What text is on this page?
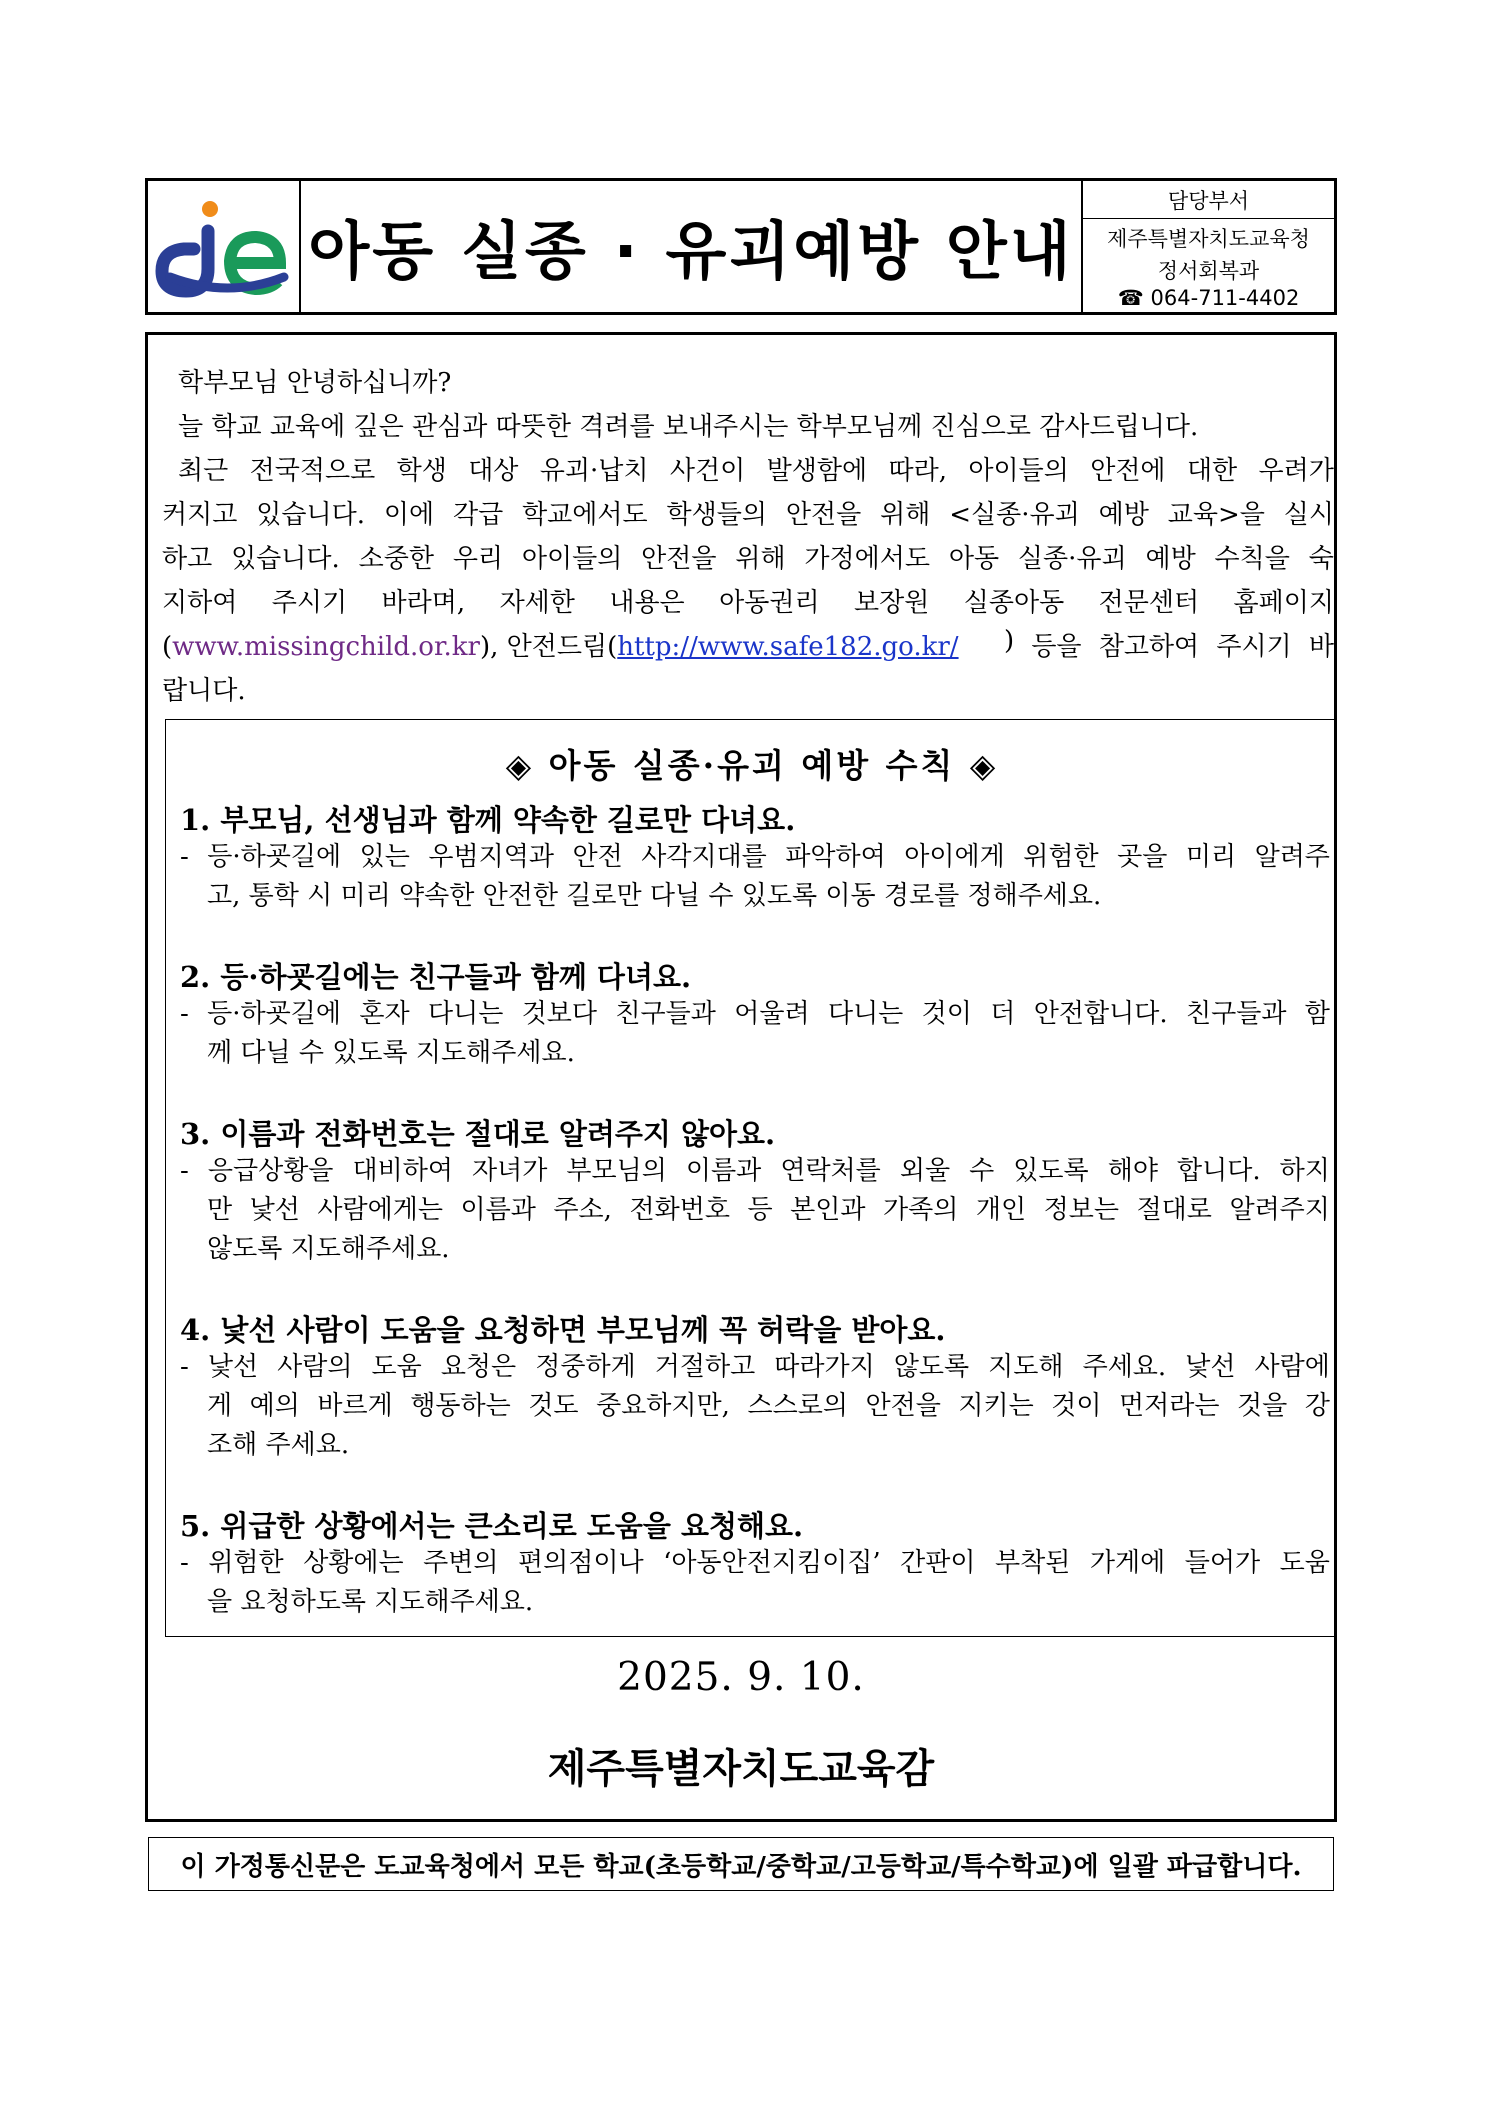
아동 실종 · 유괴예방 안내
담당부서
제주특별자치도교육청
정서회복과
☎ 064-711-4402
학부모님 안녕하십니까?
늘 학교 교육에 깊은 관심과 따뜻한 격려를 보내주시는 학부모님께 진심으로 감사드립니다.
최근 전국적으로 학생 대상 유괴·납치 사건이 발생함에 따라, 아이들의 안전에 대한 우려가
커지고 있습니다. 이에 각급 학교에서도 학생들의 안전을 위해 <실종·유괴 예방 교육>을 실시
하고 있습니다. 소중한 우리 아이들의 안전을 위해 가정에서도 아동 실종·유괴 예방 수칙을 숙
지하여 주시기 바라며, 자세한 내용은 아동권리 보장원 실종아동 전문센터 홈페이지
(www.missingchild.or.kr), 안전드림(http://www.safe182.go.kr/ ) 등을 참고하여 주시기 바
랍니다.
◈ 아동 실종·유괴 예방 수칙 ◈
1. 부모님, 선생님과 함께 약속한 길로만 다녀요.
- 등·하굣길에 있는 우범지역과 안전 사각지대를 파악하여 아이에게 위험한 곳을 미리 알려주
고, 통학 시 미리 약속한 안전한 길로만 다닐 수 있도록 이동 경로를 정해주세요.
2. 등·하굣길에는 친구들과 함께 다녀요.
- 등·하굣길에 혼자 다니는 것보다 친구들과 어울려 다니는 것이 더 안전합니다. 친구들과 함
께 다닐 수 있도록 지도해주세요.
3. 이름과 전화번호는 절대로 알려주지 않아요.
- 응급상황을 대비하여 자녀가 부모님의 이름과 연락처를 외울 수 있도록 해야 합니다. 하지
만 낯선 사람에게는 이름과 주소, 전화번호 등 본인과 가족의 개인 정보는 절대로 알려주지
않도록 지도해주세요.
4. 낯선 사람이 도움을 요청하면 부모님께 꼭 허락을 받아요.
- 낯선 사람의 도움 요청은 정중하게 거절하고 따라가지 않도록 지도해 주세요. 낯선 사람에
게 예의 바르게 행동하는 것도 중요하지만, 스스로의 안전을 지키는 것이 먼저라는 것을 강
조해 주세요.
5. 위급한 상황에서는 큰소리로 도움을 요청해요.
- 위험한 상황에는 주변의 편의점이나 ‘아동안전지킴이집’ 간판이 부착된 가게에 들어가 도움
을 요청하도록 지도해주세요.
2025. 9. 10.
제주특별자치도교육감
이 가정통신문은 도교육청에서 모든 학교(초등학교/중학교/고등학교/특수학교)에 일괄 파급합니다.
